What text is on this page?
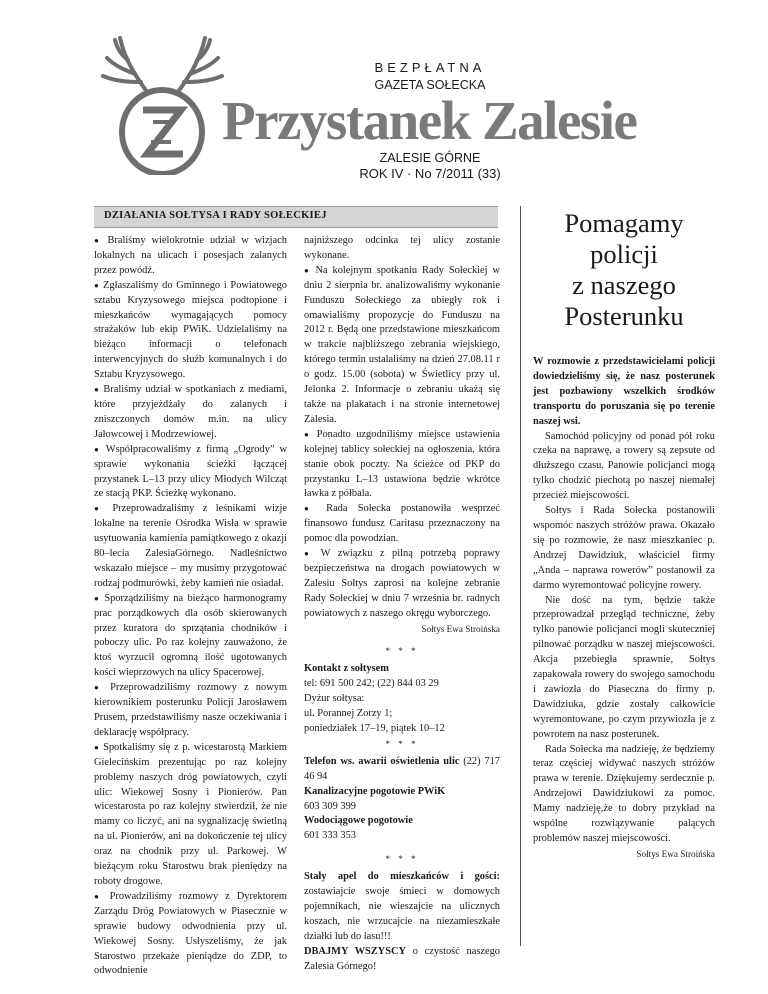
BEZPŁATNA
GAZETA SOŁECKA
Przystanek Zalesie
ZALESIE GÓRNE
ROK IV · No 7/2011 (33)
DZIAŁANIA SOŁTYSA I RADY SOŁECKIEJ

● Braliśmy wielokrotnie udział w wizjach lokalnych na ulicach i posesjach zalanych przez powódź.

● Zgłaszaliśmy do Gminnego i Powiatowego sztabu Kryzysowego miejsca podtopione i mieszkańców wymagających pomocy strażaków lub ekip PWiK. Udzielaliśmy na bieżąco informacji o telefonach interwencyjnych do służb komunalnych i do Sztabu Kryzysowego.

● Braliśmy udział w spotkaniach z mediami, które przyjeżdżały do zalanych i zniszczonych domów m.in. na ulicy Jałowcowej i Modrzewiowej.

● Współpracowaliśmy z firmą „Ogrody” w sprawie wykonania ścieżki łączącej przystanek L–13 przy ulicy Młodych Wilcząt ze stacją PKP. Ścieżkę wykonano.

● Przeprowadzaliśmy z leśnikami wizje lokalne na terenie Ośrodka Wisła w sprawie usytuowania kamienia pamiątkowego z okazji 80–lecia ZalesiaGórnego. Nadleśnictwo wskazało miejsce – my musimy przygotować rodzaj podmurówki, żeby kamień nie osiadał.

● Sporządziliśmy na bieżąco harmonogramy prac porządkowych dla osób skierowanych przez kuratora do sprzątania chodników i poboczy ulic. Po raz kolejny zauważono, że ktoś wyrzucił ogromną ilość ugotowanych kości wieprzowych na ulicy Spacerowej.

● Przeprowadziliśmy rozmowy z nowym kierownikiem posterunku Policji Jarosławem Prusem, przedstawiliśmy nasze oczekiwania i deklarację współpracy.

● Spotkaliśmy się z p. wicestarostą Markiem Gielecińskim prezentując po raz kolejny problemy naszych dróg powiatowych, czyli ulic: Wiekowej Sosny i Pionierów. Pan wicestarosta po raz kolejny stwierdził, że nie mamy co liczyć, ani na sygnalizację świetlną na ul. Pionierów, ani na dokończenie tej ulicy oraz na chodnik przy ul. Parkowej. W bieżącym roku Starostwu brak pieniędzy na roboty drogowe.

● Prowadziliśmy rozmowy z Dyrektorem Zarządu Dróg Powiatowych w Piasecznie w sprawie budowy odwodnienia przy ul. Wiekowej Sosny. Usłyszeliśmy, że jak Starostwo przekaże pieniądze do ZDP, to odwodnienie

najniższego odcinka tej ulicy zostanie wykonane.

● Na kolejnym spotkaniu Rady Sołeckiej w dniu 2 sierpnia br. analizowaliśmy wykonanie Funduszu Sołeckiego za ubiegły rok i omawialiśmy propozycje do Funduszu na 2012 r. Będą one przedstawione mieszkańcom w trakcie najbliższego zebrania wiejskiego, którego termin ustalaliśmy na dzień 27.08.11 r o godz. 15.00 (sobota) w Świetlicy przy ul. Jelonka 2. Informacje o zebraniu ukażą się także na plakatach i na stronie internetowej Zalesia.

● Ponadto uzgodniliśmy miejsce ustawienia kolejnej tablicy sołeckiej na ogłoszenia, która stanie obok poczty. Na ścieżce od PKP do przystanku L–13 ustawiona będzie wkrótce ławka z półbala.

● Rada Sołecka postanowiła wesprzeć finansowo fundusz Caritasu przeznaczony na pomoc dla powodzian.

● W związku z pilną potrzebą poprawy bezpieczeństwa na drogach powiatowych w Zalesiu Sołtys zaprosi na kolejne zebranie Rady Sołeckiej w dniu 7 września br. radnych powiatowych z naszego okręgu wyborczego.

Sołtys Ewa Stroińska

* * *

Kontakt z sołtysem

tel: 691 500 242; (22) 844 03 29

Dyżur sołtysa:

ul. Porannej Zorzy 1;

poniedziałek 17–19, piątek 10–12

* * *

Telefon ws. awarii oświetlenia ulic (22) 717 46 94

Kanalizacyjne pogotowie PWiK

603 309 399

Wodociągowe pogotowie

601 333 353

* * *

Stały apel do mieszkańców i gości: zostawiajcie swoje śmieci w domowych pojemnikach, nie wieszajcie na ulicznych koszach, nie wrzucajcie na niezamieszkałe działki lub do lasu!!!

DBAJMY WSZYSCY o czystość naszego Zalesia Górnego!

Pomagamy
policji
z naszego
Posterunku

W rozmowie z przedstawicielami policji dowiedzieliśmy się, że nasz posterunek jest pozbawiony wszelkich środków transportu do poruszania się po terenie naszej wsi.

Samochód policyjny od ponad pół roku czeka na naprawę, a rowery są zepsute od dłuższego czasu. Panowie policjanci mogą tylko chodzić piechotą po naszej niemałej przecież miejscowości.

Sołtys i Rada Sołecka postanowili wspomóc naszych stróżów prawa. Okazało się po rozmowie, że nasz mieszkaniec p. Andrzej Dawidziuk, właściciel firmy „Anda – naprawa rowerów” postanowił za darmo wyremontować policyjne rowery.

Nie dość na tym, będzie także przeprowadzał przegląd techniczne, żeby tylko panowie policjanci mogli skuteczniej pilnować porządku w naszej miejscowości. Akcja przebiegła sprawnie, Sołtys zapakowała rowery do swojego samochodu i zawiozła do Piaseczna do firmy p. Dawidziuka, gdzie zostały całkowicie wyremontowane, po czym przywiozła je z powrotem na nasz posterunek.

Rada Sołecka ma nadzieję, że będziemy teraz częściej widywać naszych stróżów prawa w terenie. Dziękujemy serdecznie p. Andrzejowi Dawidziukowi za pomoc. Mamy nadzieję,że to dobry przykład na wspólne rozwiązywanie palących problemów naszej miejscowości.

Sołtys Ewa Stroińska
